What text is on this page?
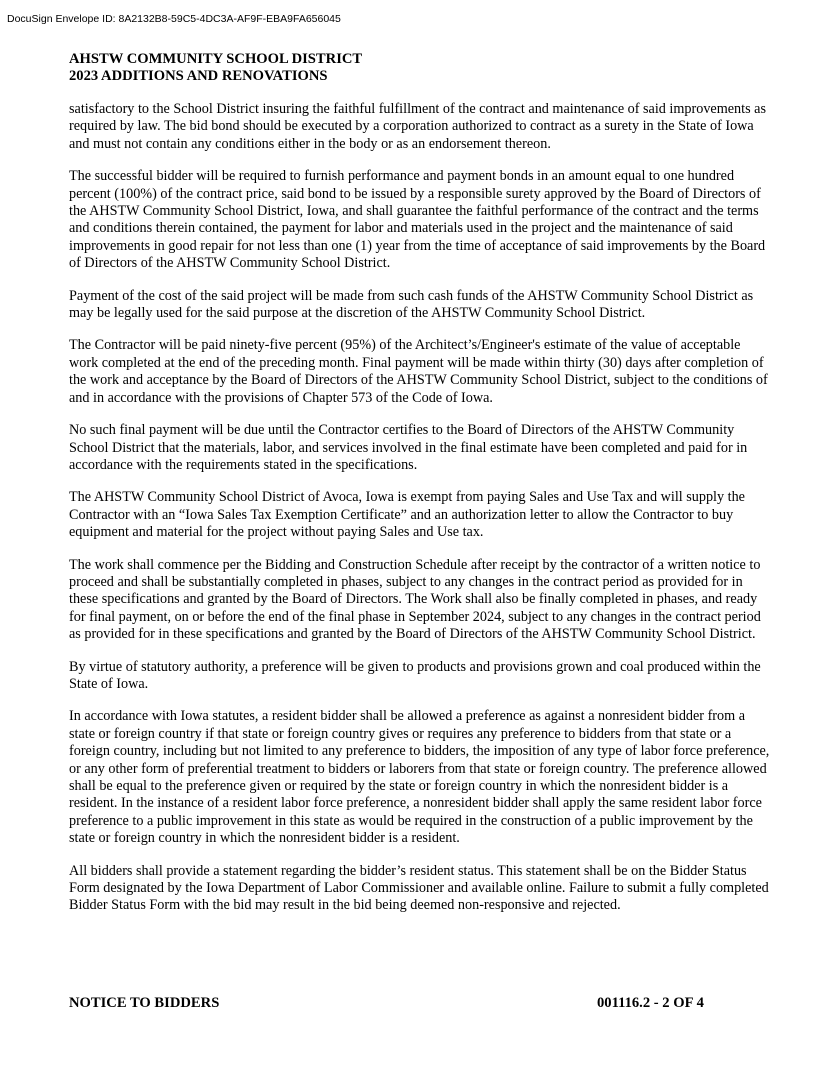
DocuSign Envelope ID: 8A2132B8-59C5-4DC3A-AF9F-EBA9FA656045
AHSTW COMMUNITY SCHOOL DISTRICT
2023 ADDITIONS AND RENOVATIONS

satisfactory to the School District insuring the faithful fulfillment of the contract and maintenance of said improvements as required by law. The bid bond should be executed by a corporation authorized to contract as a surety in the State of Iowa and must not contain any conditions either in the body or as an endorsement thereon.

The successful bidder will be required to furnish performance and payment bonds in an amount equal to one hundred percent (100%) of the contract price, said bond to be issued by a responsible surety approved by the Board of Directors of the AHSTW Community School District, Iowa, and shall guarantee the faithful performance of the contract and the terms and conditions therein contained, the payment for labor and materials used in the project and the maintenance of said improvements in good repair for not less than one (1) year from the time of acceptance of said improvements by the Board of Directors of the AHSTW Community School District.

Payment of the cost of the said project will be made from such cash funds of the AHSTW Community School District as may be legally used for the said purpose at the discretion of the AHSTW Community School District.

The Contractor will be paid ninety-five percent (95%) of the Architect’s/Engineer's estimate of the value of acceptable work completed at the end of the preceding month. Final payment will be made within thirty (30) days after completion of the work and acceptance by the Board of Directors of the AHSTW Community School District, subject to the conditions of and in accordance with the provisions of Chapter 573 of the Code of Iowa.

No such final payment will be due until the Contractor certifies to the Board of Directors of the AHSTW Community School District that the materials, labor, and services involved in the final estimate have been completed and paid for in accordance with the requirements stated in the specifications.

The AHSTW Community School District of Avoca, Iowa is exempt from paying Sales and Use Tax and will supply the Contractor with an “Iowa Sales Tax Exemption Certificate” and an authorization letter to allow the Contractor to buy equipment and material for the project without paying Sales and Use tax.

The work shall commence per the Bidding and Construction Schedule after receipt by the contractor of a written notice to proceed and shall be substantially completed in phases, subject to any changes in the contract period as provided for in these specifications and granted by the Board of Directors. The Work shall also be finally completed in phases, and ready for final payment, on or before the end of the final phase in September 2024, subject to any changes in the contract period as provided for in these specifications and granted by the Board of Directors of the AHSTW Community School District.

By virtue of statutory authority, a preference will be given to products and provisions grown and coal produced within the State of Iowa.

In accordance with Iowa statutes, a resident bidder shall be allowed a preference as against a nonresident bidder from a state or foreign country if that state or foreign country gives or requires any preference to bidders from that state or a foreign country, including but not limited to any preference to bidders, the imposition of any type of labor force preference, or any other form of preferential treatment to bidders or laborers from that state or foreign country. The preference allowed shall be equal to the preference given or required by the state or foreign country in which the nonresident bidder is a resident. In the instance of a resident labor force preference, a nonresident bidder shall apply the same resident labor force preference to a public improvement in this state as would be required in the construction of a public improvement by the state or foreign country in which the nonresident bidder is a resident.

All bidders shall provide a statement regarding the bidder’s resident status. This statement shall be on the Bidder Status Form designated by the Iowa Department of Labor Commissioner and available online. Failure to submit a fully completed Bidder Status Form with the bid may result in the bid being deemed non-responsive and rejected.

NOTICE TO BIDDERS	001116.2 - 2 OF 4
